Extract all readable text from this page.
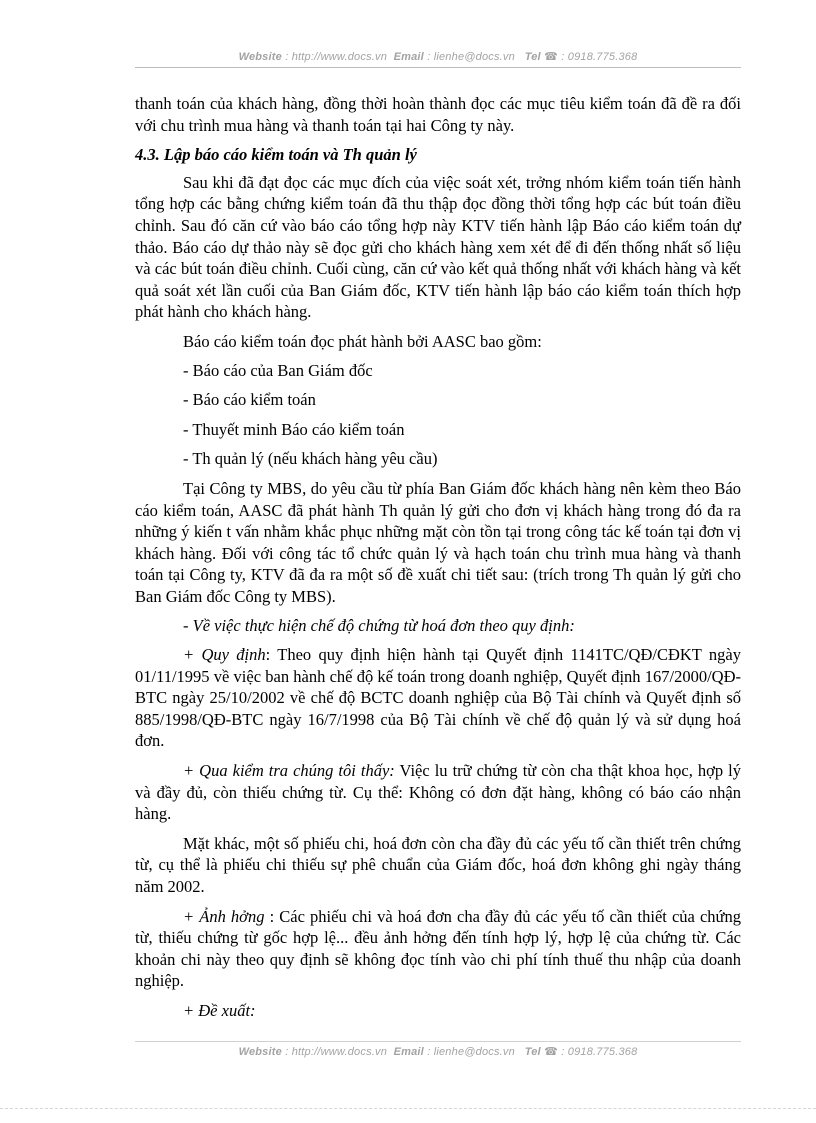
Website : http://www.docs.vn Email : lienhe@docs.vn Tel ☎ : 0918.775.368

thanh toán của khách hàng, đồng thời hoàn thành đọc các mục tiêu kiểm toán đã đề ra đối với chu trình mua hàng và thanh toán tại hai Công ty này.

4.3. Lập báo cáo kiểm toán và Th quản lý

Sau khi đã đạt đọc các mục đích của việc soát xét, trởng nhóm kiểm toán tiến hành tổng hợp các bằng chứng kiểm toán đã thu thập đọc đồng thời tổng hợp các bút toán điều chỉnh. Sau đó căn cứ vào báo cáo tổng hợp này KTV tiến hành lập Báo cáo kiểm toán dự thảo. Báo cáo dự thảo này sẽ đọc gửi cho khách hàng xem xét để đi đến thống nhất số liệu và các bút toán điều chỉnh. Cuối cùng, căn cứ vào kết quả thống nhất với khách hàng và kết quả soát xét lần cuối của Ban Giám đốc, KTV tiến hành lập báo cáo kiểm toán thích hợp phát hành cho khách hàng.

Báo cáo kiểm toán đọc phát hành bởi AASC bao gồm:

- Báo cáo của Ban Giám đốc

- Báo cáo kiểm toán

- Thuyết minh Báo cáo kiểm toán

- Th quản lý (nếu khách hàng yêu cầu)

Tại Công ty MBS, do yêu cầu từ phía Ban Giám đốc khách hàng nên kèm theo Báo cáo kiểm toán, AASC đã phát hành Th quản lý gửi cho đơn vị khách hàng trong đó đa ra những ý kiến t vấn nhằm khắc phục những mặt còn tồn tại trong công tác kế toán tại đơn vị khách hàng. Đối với công tác tổ chức quản lý và hạch toán chu trình mua hàng và thanh toán tại Công ty, KTV đã đa ra một số đề xuất chi tiết sau: (trích trong Th quản lý gửi cho Ban Giám đốc Công ty MBS).

- Về việc thực hiện chế độ chứng từ hoá đơn theo quy định:

+ Quy định: Theo quy định hiện hành tại Quyết định 1141TC/QĐ/CĐKT ngày 01/11/1995 về việc ban hành chế độ kế toán trong doanh nghiệp, Quyết định 167/2000/QĐ-BTC ngày 25/10/2002 về chế độ BCTC doanh nghiệp của Bộ Tài chính và Quyết định số 885/1998/QĐ-BTC ngày 16/7/1998 của Bộ Tài chính về chế độ quản lý và sử dụng hoá đơn.

+ Qua kiểm tra chúng tôi thấy: Việc lu trữ chứng từ còn cha thật khoa học, hợp lý và đầy đủ, còn thiếu chứng từ. Cụ thể: Không có đơn đặt hàng, không có báo cáo nhận hàng.

Mặt khác, một số phiếu chi, hoá đơn còn cha đầy đủ các yếu tố cần thiết trên chứng từ, cụ thể là phiếu chi thiếu sự phê chuẩn của Giám đốc, hoá đơn không ghi ngày tháng năm 2002.

+ Ảnh hởng : Các phiếu chi và hoá đơn cha đầy đủ các yếu tố cần thiết của chứng từ, thiếu chứng từ gốc hợp lệ... đều ảnh hởng đến tính hợp lý, hợp lệ của chứng từ. Các khoản chi này theo quy định sẽ không đọc tính vào chi phí tính thuế thu nhập của doanh nghiệp.

+ Đề xuất:

Website : http://www.docs.vn Email : lienhe@docs.vn Tel ☎ : 0918.775.368
